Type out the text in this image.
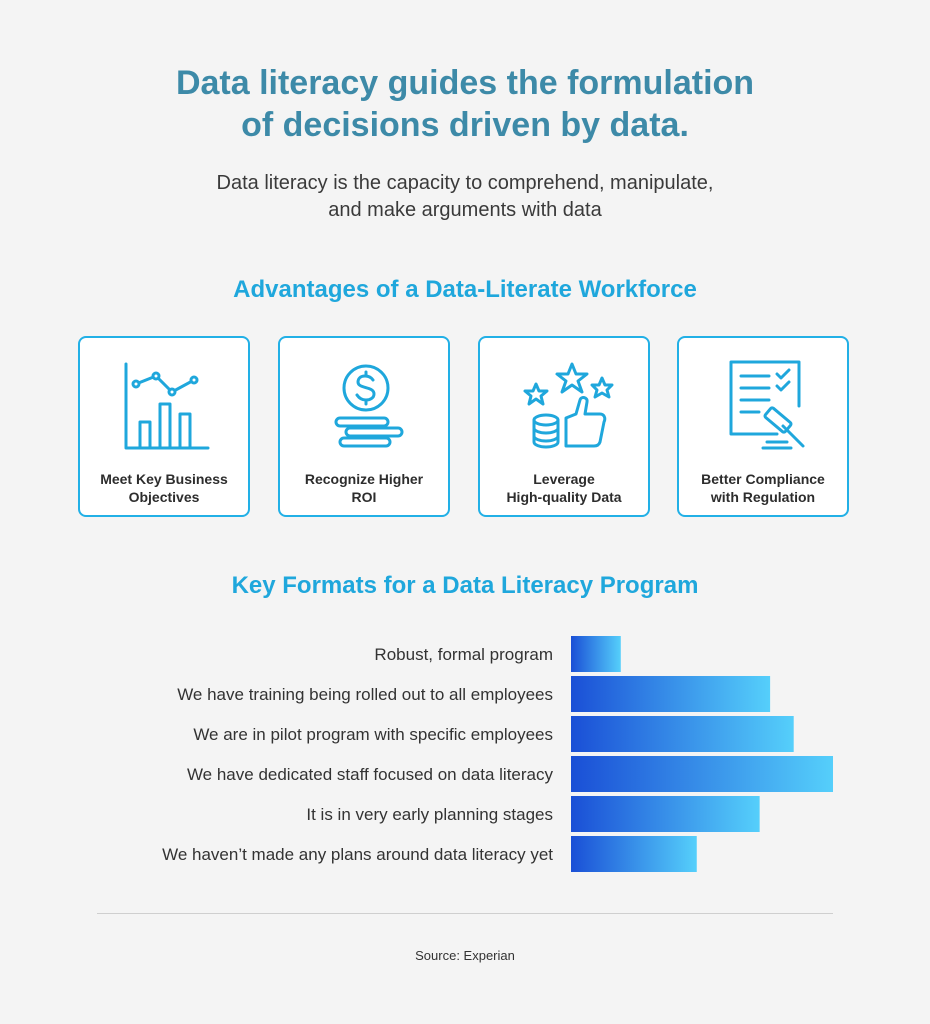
Data literacy guides the formulation
of decisions driven by data.
Data literacy is the capacity to comprehend, manipulate,
and make arguments with data
Advantages of a Data-Literate Workforce
Meet Key Business
Objectives
Recognize Higher
ROI
Leverage
High-quality Data
Better Compliance
with Regulation
Key Formats for a Data Literacy Program
Robust, formal program
We have training being rolled out to all employees
We are in pilot program with specific employees
We have dedicated staff focused on data literacy
It is in very early planning stages
We haven’t made any plans around data literacy yet
Source: Experian
